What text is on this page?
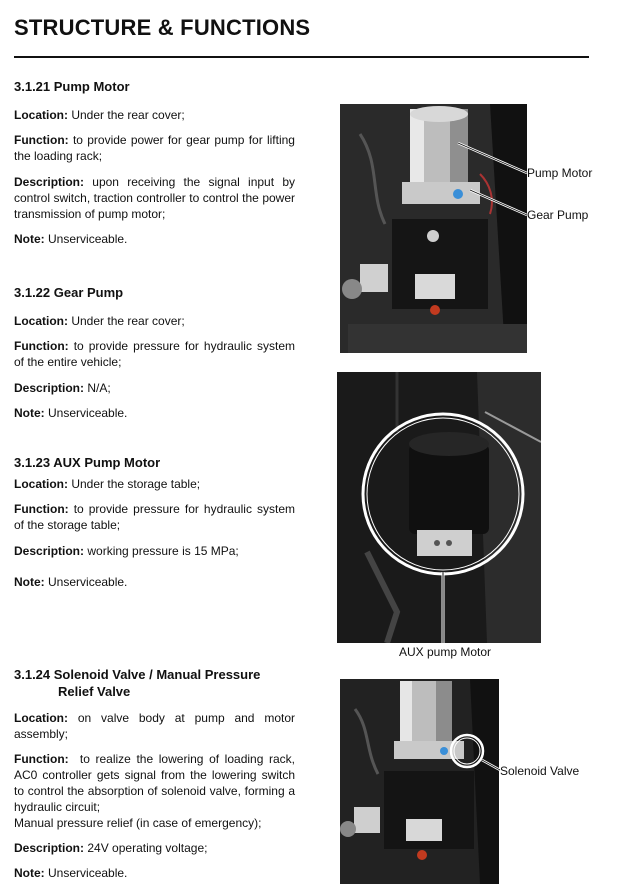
STRUCTURE & FUNCTIONS
3.1.21 Pump Motor
Location: Under the rear cover;
Function: to provide power for gear pump for lifting the loading rack;
Description: upon receiving the signal input by control switch, traction controller to control the power transmission of pump motor;
Note: Unserviceable.
3.1.22 Gear Pump
Location: Under the rear cover;
Function: to provide pressure for hydraulic system of the entire vehicle;
Description: N/A;
Note: Unserviceable.
3.1.23 AUX Pump Motor
Location: Under the storage table;
Function: to provide pressure for hydraulic system of the storage table;
Description: working pressure is 15 MPa;
Note: Unserviceable.
3.1.24 Solenoid Valve / Manual Pressure
Relief Valve
Location: on valve body at pump and motor assembly;
Function: to realize the lowering of loading rack, AC0 controller gets signal from the lowering switch to control the absorption of solenoid valve, forming a hydraulic circuit;
Manual pressure relief (in case of emergency);
Description: 24V operating voltage;
Note: Unserviceable.
Pump Motor
Gear Pump
AUX pump Motor
Solenoid Valve
